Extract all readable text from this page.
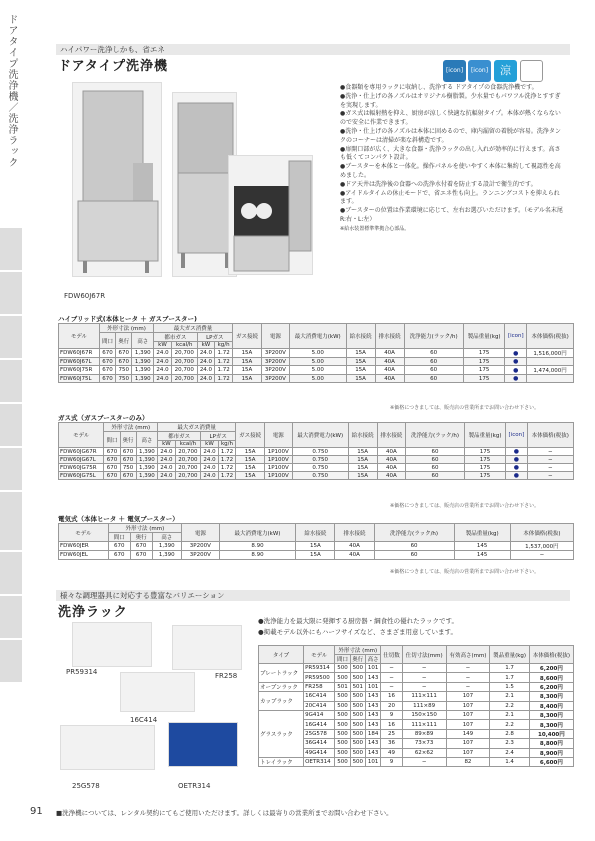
ドアタイプ洗浄機／洗浄ラック	ハイパワー洗浄しかも、省エネ
ドアタイプ洗浄機
FDW60J67R
[icon]	[icon]	涼

●食器類を専用ラックに収納し、洗浄する ドアタイプの食器洗浄機です。

●洗浄・仕上げの各ノズルはオリジナル樹脂製。少水量でもパワフル洗浄とすすぎを実現します。

●ガス式は輻射熱を抑え、厨房が涼しく快適な抗輻射タイプ。本体が熱くならないので安全に作業できます。

●洗浄・仕上げの各ノズルは本体に固めるので、庫内漏留の着脱が容易。洗浄タンクのコーナーは清掃が楽な斜構造です。

●扉開口部が広く、大きな食器・洗浄ラックの出し入れが効率的に行えます。高さも低くてコンパクト設計。

●ブースターを本体と一体化。操作パネルを使いやすく本体に集約して視認性を高めました。

●ドア天井は洗浄後の食器への洗浄水付着を防止する設計で衛生的です。

●アイドルタイムの休止モードで、省エネ性も向上。ランニングコストを抑えられます。

●ブースターの位置は作業環境に応じて、左右お選びいただけます。（モデル名末尾 R:右・L:左）

※給水装置標準準拠合心部品。

ハイブリッド式(本体ヒータ ＋ ガスブースター)
モデル	外形寸法 (mm)			最大ガス消費量				ガス接続	電源	最大消費電力(kW)	給水接続	排水接続	洗浄能力(ラック/h)	製品重量(kg)	[icon]	本体価格(税抜)
	間口	奥行	高さ	都市ガス		LPガス										
				kW	kcal/h	kW	kg/h									
FDW60J67R	670	670	1,390	24.0	20,700	24.0	1.72	15A	3P200V	5.00	15A	40A	60	175	●	1,516,000円
FDW60J67L	670	670	1,390	24.0	20,700	24.0	1.72	15A	3P200V	5.00	15A	40A	60	175	●	
FDW60J75R	670	750	1,390	24.0	20,700	24.0	1.72	15A	3P200V	5.00	15A	40A	60	175	●	1,474,000円
FDW60J75L	670	750	1,390	24.0	20,700	24.0	1.72	15A	3P200V	5.00	15A	40A	60	175	●	
※価格につきましては、販売店の営業所までお問い合わせ下さい。
ガス式（ガスブースターのみ）
モデル	外形寸法 (mm)			最大ガス消費量				ガス接続	電源	最大消費電力(kW)	給水接続	排水接続	洗浄能力(ラック/h)	製品重量(kg)	[icon]	本体価格(税抜)
	間口	奥行	高さ	都市ガス		LPガス										
				kW	kcal/h	kW	kg/h									
FDW60JG67R	670	670	1,390	24.0	20,700	24.0	1.72	15A	1P100V	0.750	15A	40A	60	175	●	−
FDW60JG67L	670	670	1,390	24.0	20,700	24.0	1.72	15A	1P100V	0.750	15A	40A	60	175	●	−
FDW60JG75R	670	750	1,390	24.0	20,700	24.0	1.72	15A	1P100V	0.750	15A	40A	60	175	●	−
FDW60JG75L	670	670	1,390	24.0	20,700	24.0	1.72	15A	1P100V	0.750	15A	40A	60	175	●	−
※価格につきましては、販売店の営業所までお問い合わせ下さい。
電気式（本体ヒータ ＋ 電気ブースター）
モデル	外形寸法 (mm)			電源	最大消費電力(kW)	給水接続	排水接続	洗浄能力(ラック/h)	製品重量(kg)	本体価格(税抜)
	間口	奥行	高さ							
FDW60JER	670	670	1,390	3P200V	8.90	15A	40A	60	145	1,537,000円
FDW60JEL	670	670	1,390	3P200V	8.90	15A	40A	60	145	−
※価格につきましては、販売店の営業所までお問い合わせ下さい。
様々な調理器具に対応する豊富なバリエーション
洗浄ラック
PR59314	FR258
16C414
25G578	OETR314

●洗浄能力を最大限に発揮する厨房器・綱食性の優れたラックです。

●掲載モデル以外にもハーフサイズなど、さまざま用意しています。

タイプ	モデル	外形寸法 (mm)			仕切数	仕切寸法(mm)	有効高さ(mm)	製品重量(kg)	本体価格(税抜)
		間口	奥行	高さ					
プレートラック	PR59314	500	500	101	−	−	−	1.7	6,200円
	PR59500	500	500	143	−	−	−	1.7	8,600円
オープンラック	FR258	501	501	101	−	−	−	1.5	6,200円
カップラック	16C414	500	500	143	16	111×111	107	2.1	8,300円
	20C414	500	500	143	20	111×89	107	2.2	8,400円
グラスラック	9G414	500	500	143	9	150×150	107	2.1	8,300円
	16G414	500	500	143	16	111×111	107	2.2	8,300円
	25G578	500	500	184	25	89×89	149	2.8	10,400円
	36G414	500	500	143	36	73×73	107	2.3	8,800円
	49G414	500	500	143	49	62×62	107	2.4	8,900円
トレイラック	OETR314	500	500	101	9	−	82	1.4	6,600円
91 ■洗浄機については、レンタル契約にてもご使用いただけます。詳しくは最寄りの営業所までお問い合わせ下さい。
